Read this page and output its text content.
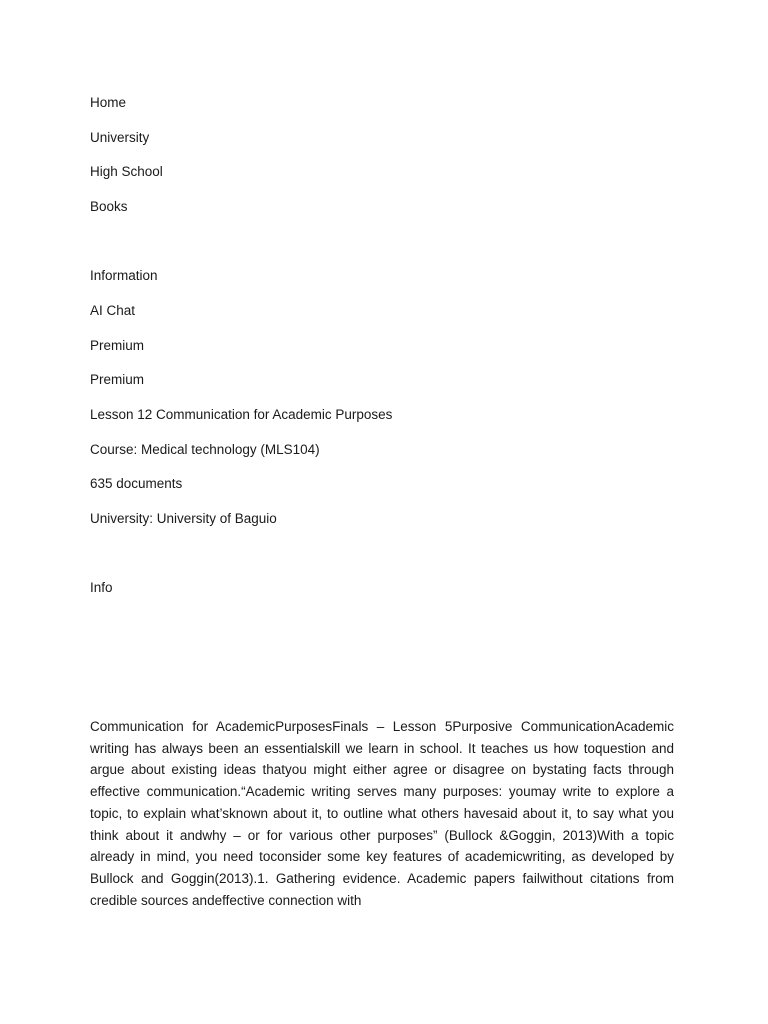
Home
University
High School
Books
Information
AI Chat
Premium
Premium
Lesson 12 Communication for Academic Purposes
Course: Medical technology (MLS104)
635 documents
University: University of Baguio
Info
Communication for AcademicPurposesFinals – Lesson 5Purposive CommunicationAcademic writing has always been an essentialskill we learn in school. It teaches us how toquestion and argue about existing ideas thatyou might either agree or disagree on bystating facts through effective communication.“Academic writing serves many purposes: youmay write to explore a topic, to explain what’sknown about it, to outline what others havesaid about it, to say what you think about it andwhy – or for various other purposes” (Bullock &Goggin, 2013)With a topic already in mind, you need toconsider some key features of academicwriting, as developed by Bullock and Goggin(2013).1. Gathering evidence. Academic papers failwithout citations from credible sources andeffective connection with
